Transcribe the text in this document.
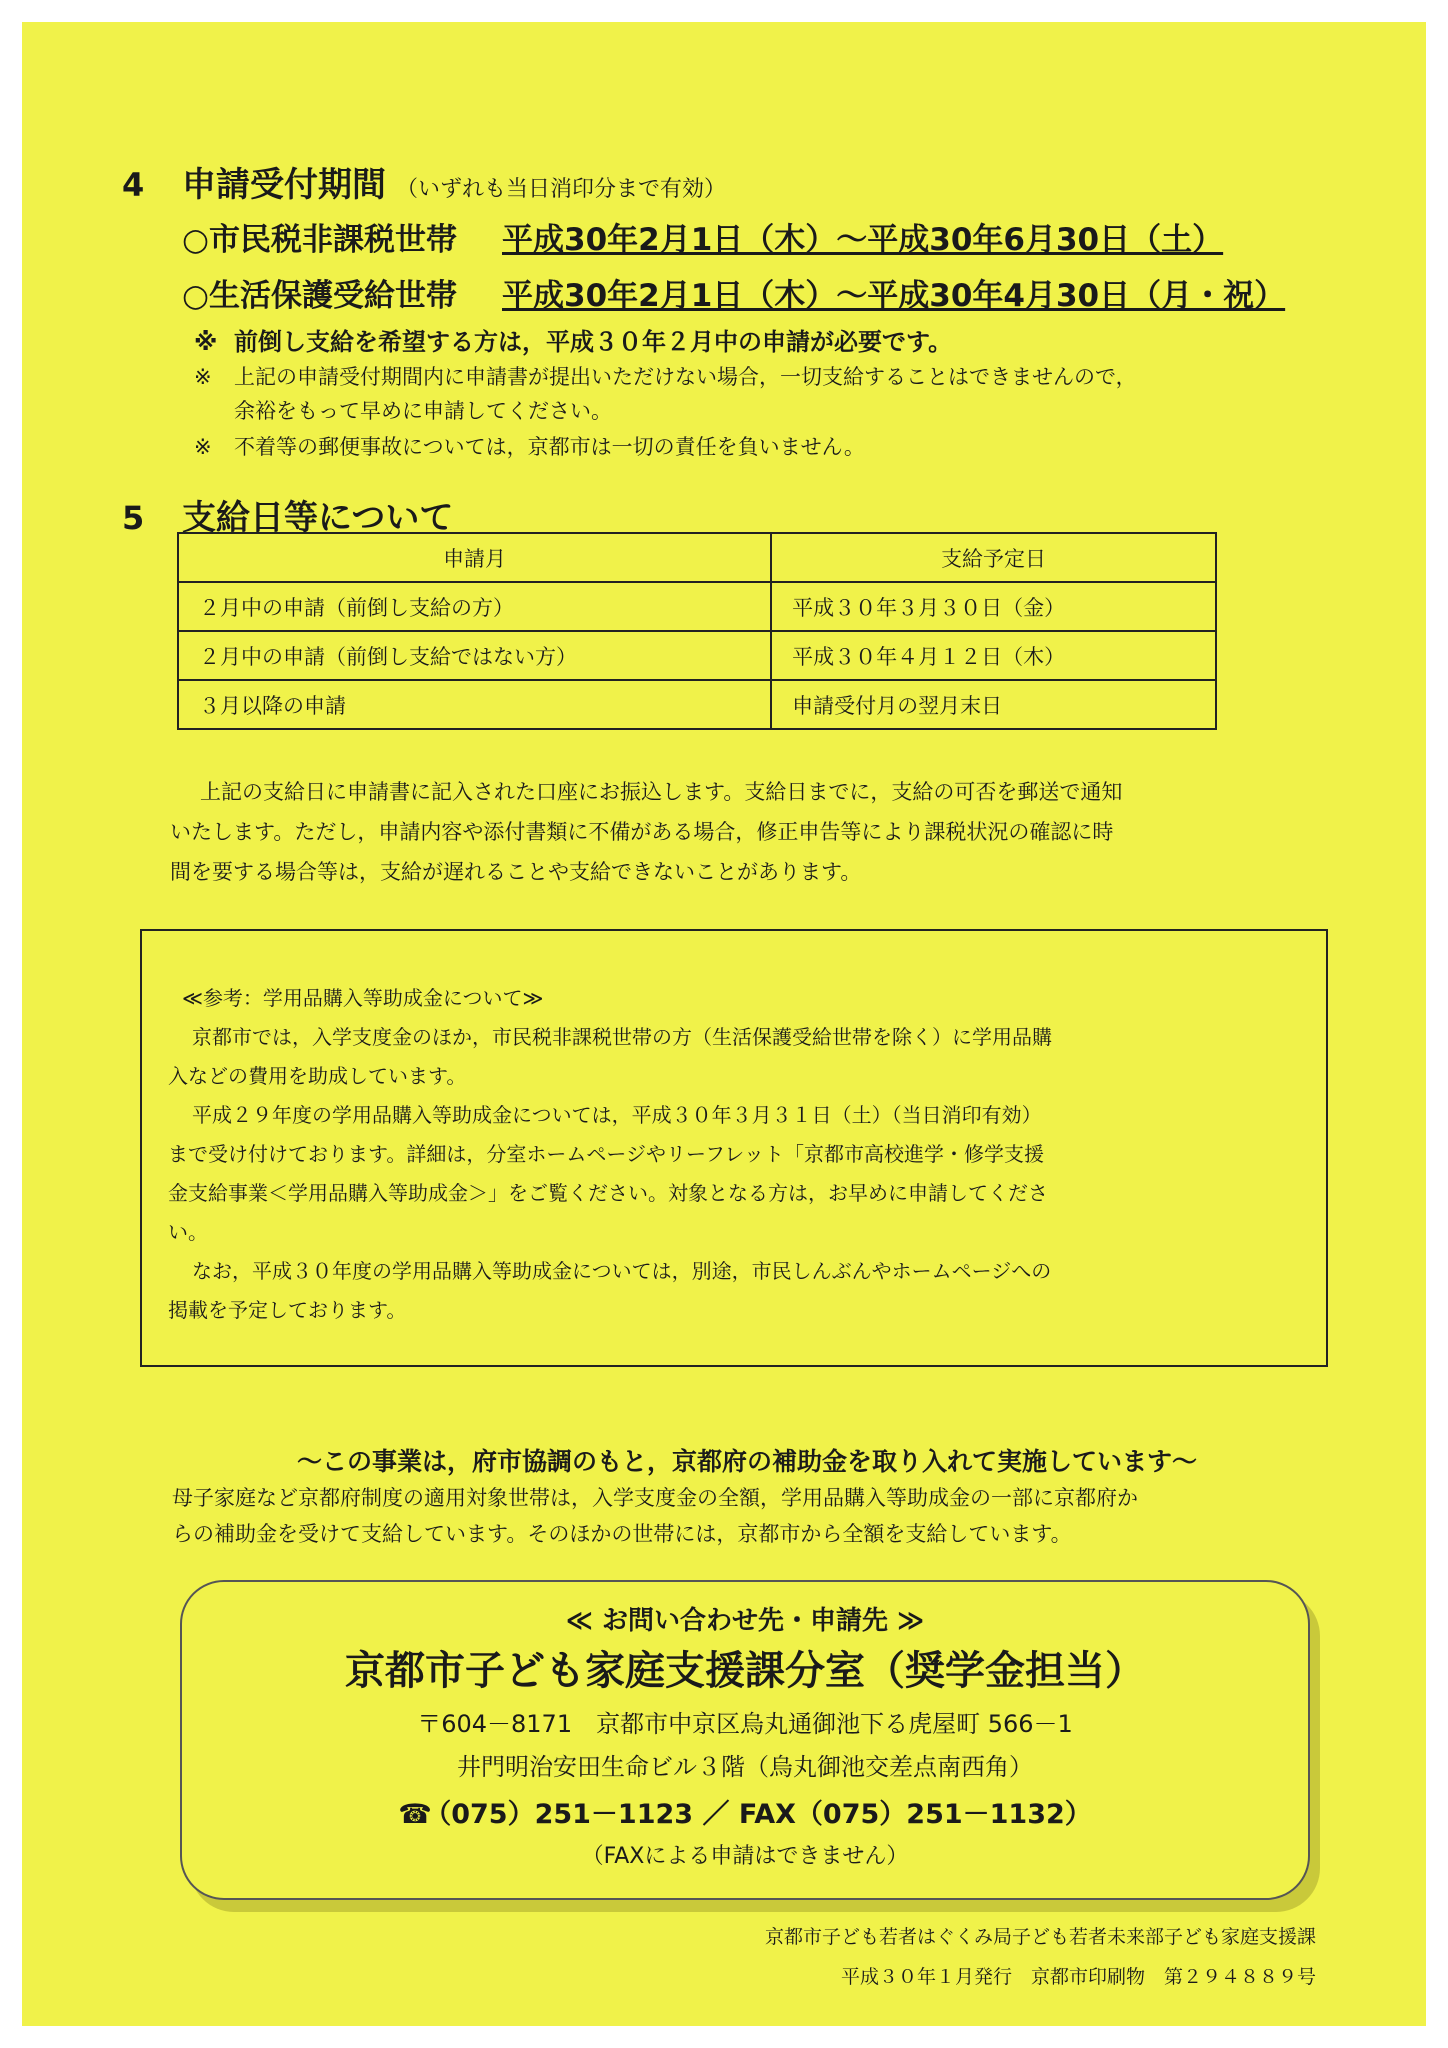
4	申請受付期間 （いずれも当日消印分まで有効）
○市民税非課税世帯	平成30年2月1日（木）～平成30年6月30日（土）
○生活保護受給世帯	平成30年2月1日（木）～平成30年4月30日（月・祝）
※ 前倒し支給を希望する方は，平成３０年２月中の申請が必要です。
※ 上記の申請受付期間内に申請書が提出いただけない場合，一切支給することはできませんので，
余裕をもって早めに申請してください。
※ 不着等の郵便事故については，京都市は一切の責任を負いません。
5	支給日等について
申請月	支給予定日
２月中の申請（前倒し支給の方）	平成３０年３月３０日（金）
２月中の申請（前倒し支給ではない方）	平成３０年４月１２日（木）
３月以降の申請	申請受付月の翌月末日
上記の支給日に申請書に記入された口座にお振込します。支給日までに，支給の可否を郵送で通知
いたします。ただし，申請内容や添付書類に不備がある場合，修正申告等により課税状況の確認に時
間を要する場合等は，支給が遅れることや支給できないことがあります。
≪参考：学用品購入等助成金について≫

京都市では，入学支度金のほか，市民税非課税世帯の方（生活保護受給世帯を除く）に学用品購

入などの費用を助成しています。

平成２９年度の学用品購入等助成金については，平成３０年３月３１日（土）（当日消印有効）

まで受け付けております。詳細は，分室ホームページやリーフレット「京都市高校進学・修学支援
金支給事業＜学用品購入等助成金＞」をご覧ください。対象となる方は，お早めに申請してくださ
い。

なお，平成３０年度の学用品購入等助成金については，別途，市民しんぶんやホームページへの

掲載を予定しております。
～この事業は，府市協調のもと，京都府の補助金を取り入れて実施しています～
母子家庭など京都府制度の適用対象世帯は，入学支度金の全額，学用品購入等助成金の一部に京都府か
らの補助金を受けて支給しています。そのほかの世帯には，京都市から全額を支給しています。
≪ お問い合わせ先・申請先 ≫
京都市子ども家庭支援課分室（奨学金担当）
〒604－8171　京都市中京区烏丸通御池下る虎屋町 566－1
井門明治安田生命ビル３階（烏丸御池交差点南西角）
☎（075）251－1123 ／ FAX（075）251－1132）
（FAXによる申請はできません）
京都市子ども若者はぐくみ局子ども若者未来部子ども家庭支援課
平成３０年１月発行　京都市印刷物　第２９４８８９号
